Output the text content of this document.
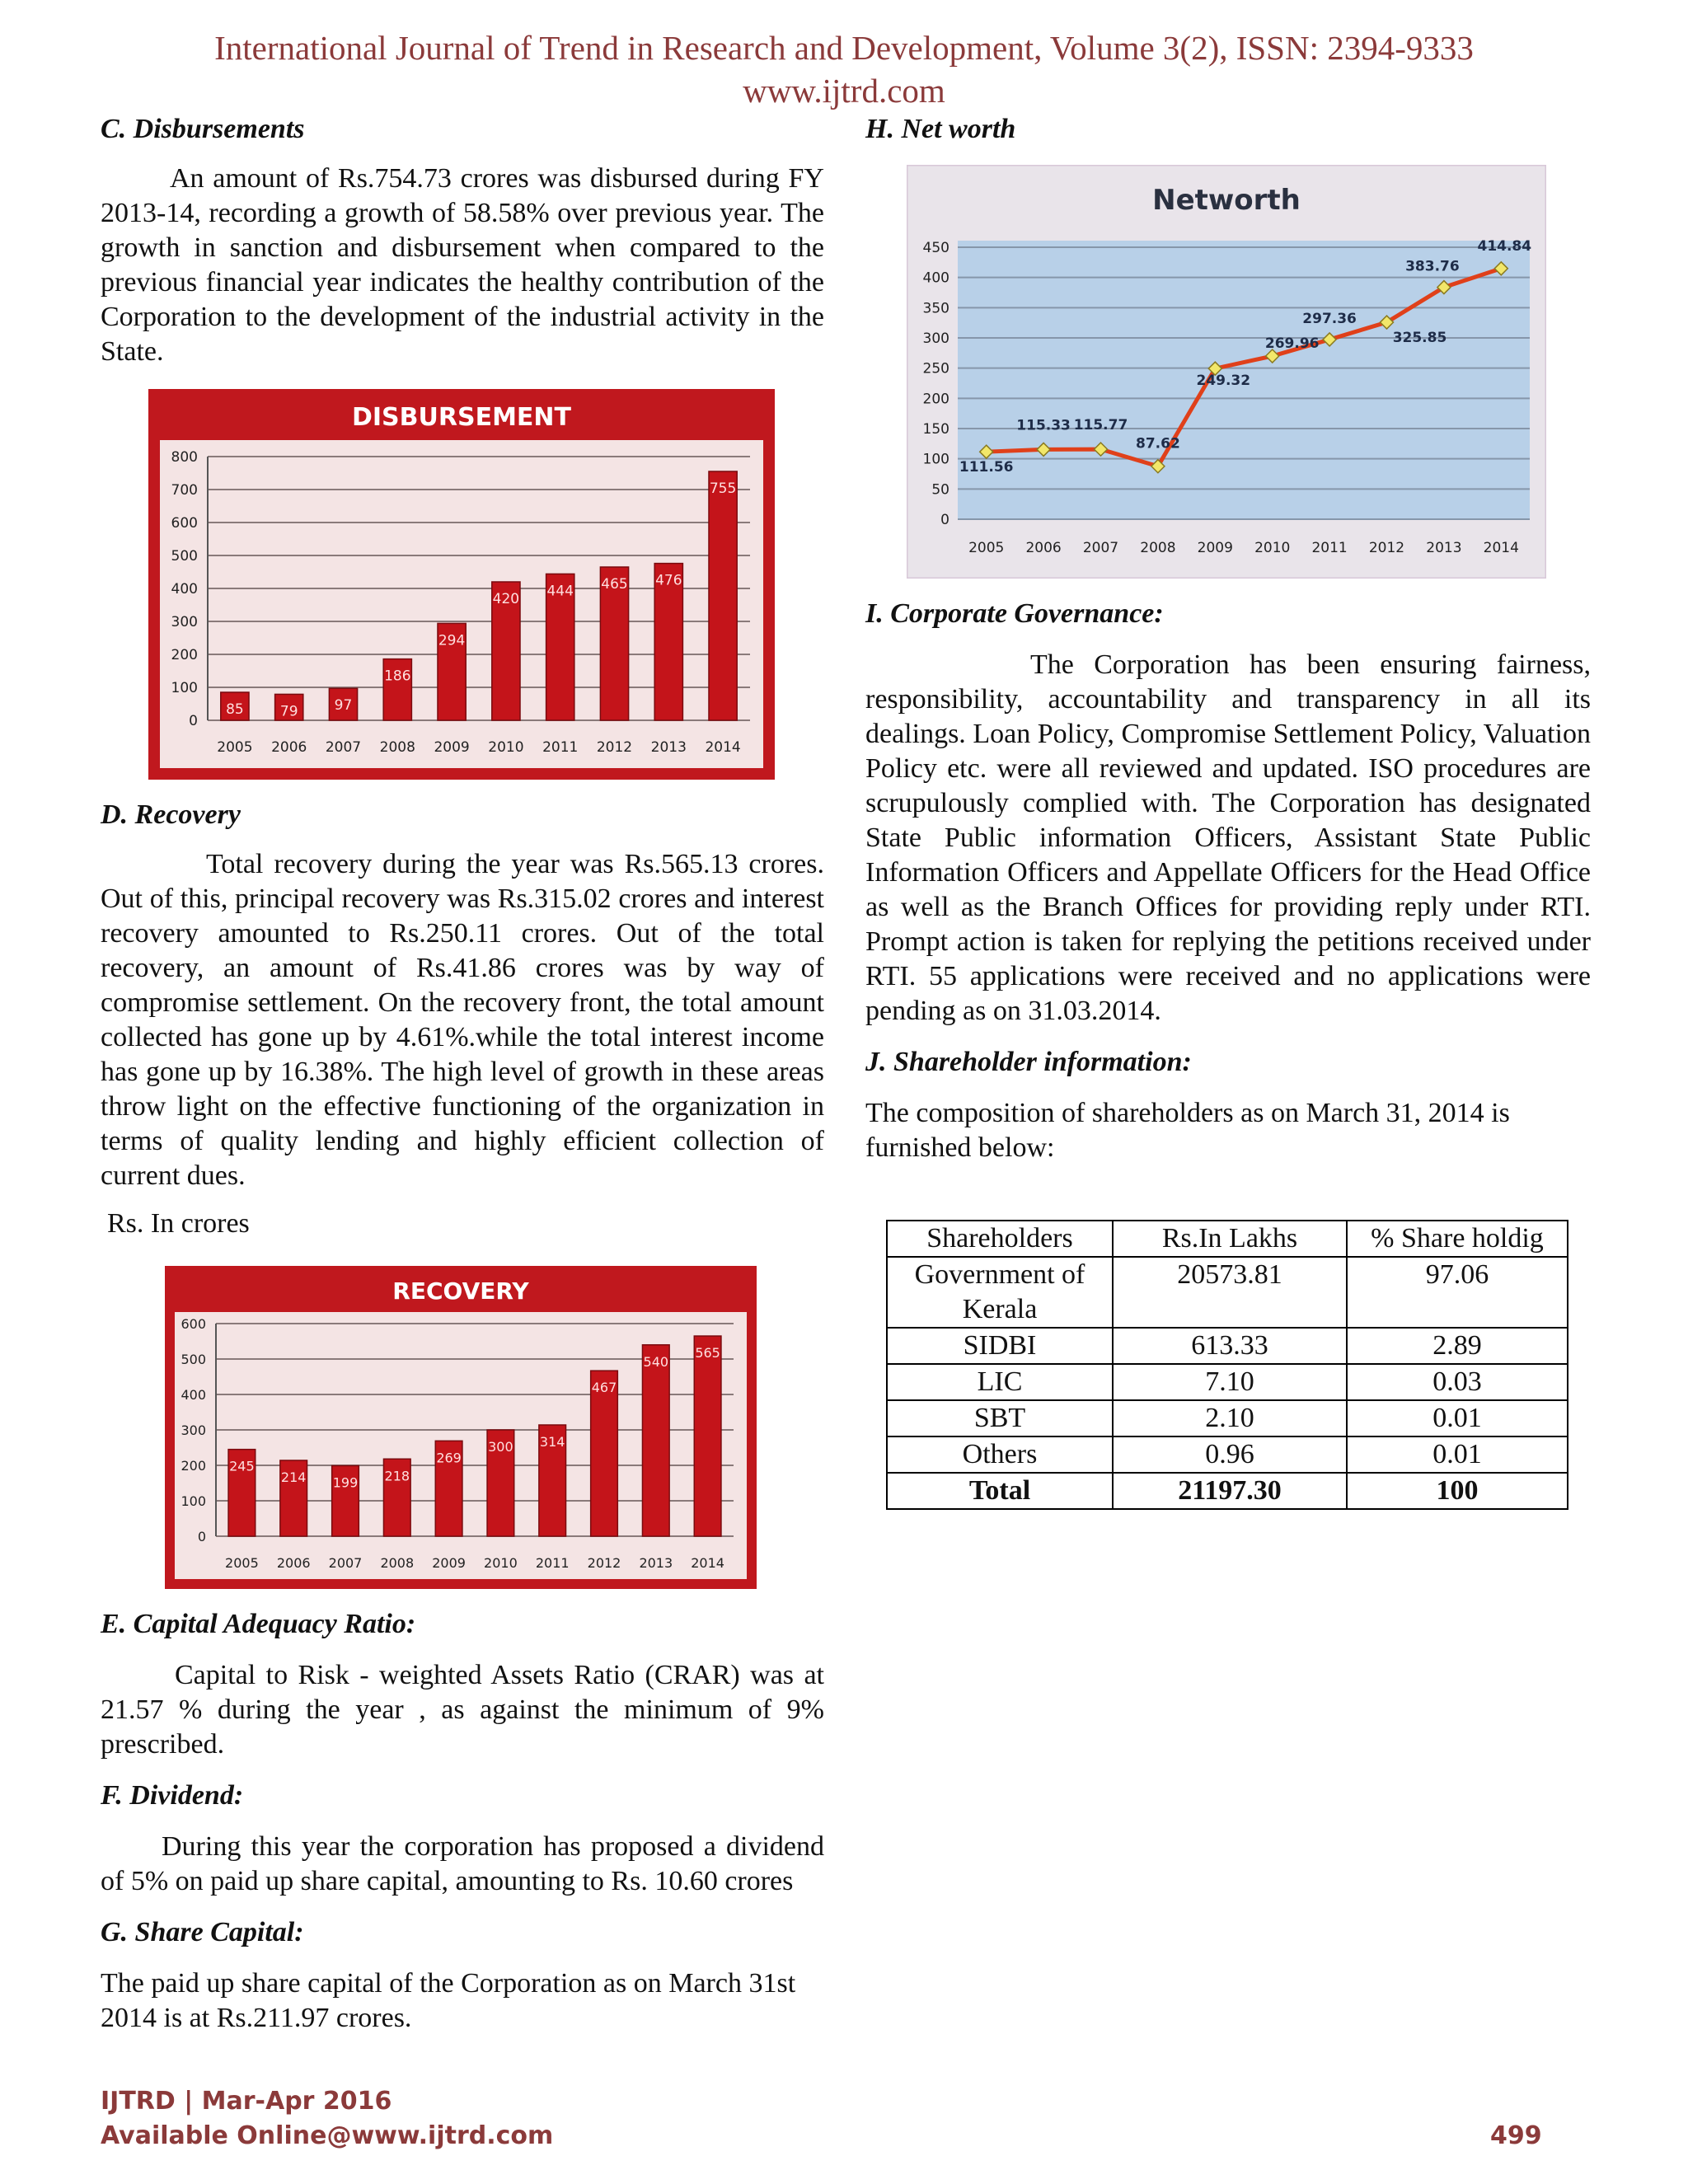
International Journal of Trend in Research and Development, Volume 3(2), ISSN: 2394-9333
www.ijtrd.com

C. Disbursements

An amount of Rs.754.73 crores was disbursed during FY 2013-14, recording a growth of 58.58% over previous year. The growth in sanction and disbursement when compared to the previous financial year indicates the healthy contribution of the Corporation to the development of the industrial activity in the State.

DISBURSEMENT
0
100
200
300
400
500
600
700
800
85
2005
79
2006
97
2007
186
2008
294
2009
420
2010
444
2011
465
2012
476
2013
755
2014

D. Recovery

Total recovery during the year was Rs.565.13 crores. Out of this, principal recovery was Rs.315.02 crores and interest recovery amounted to Rs.250.11 crores. Out of the total recovery, an amount of Rs.41.86 crores was by way of compromise settlement. On the recovery front, the total amount collected has gone up by 4.61%.while the total interest income has gone up by 16.38%. The high level of growth in these areas throw light on the effective functioning of the organization in terms of quality lending and highly efficient collection of current dues.

Rs. In crores

RECOVERY
0
100
200
300
400
500
600
245
2005
214
2006
199
2007
218
2008
269
2009
300
2010
314
2011
467
2012
540
2013
565
2014

E. Capital Adequacy Ratio:

Capital to Risk - weighted Assets Ratio (CRAR) was at 21.57 % during the year , as against the minimum of 9% prescribed.

F. Dividend:

During this year the corporation has proposed a dividend of 5% on paid up share capital, amounting to Rs. 10.60 crores

G. Share Capital:

The paid up share capital of the Corporation as on March 31st 2014 is at Rs.211.97 crores.

H. Net worth

Networth
0
50
100
150
200
250
300
350
400
450
111.56
2005
115.33
2006
115.77
2007
87.62
2008
249.32
2009
269.96
2010
297.36
2011
325.85
2012
383.76
2013
414.84
2014

I. Corporate Governance:

The Corporation has been ensuring fairness, responsibility, accountability and transparency in all its dealings. Loan Policy, Compromise Settlement Policy, Valuation Policy etc. were all reviewed and updated. ISO procedures are scrupulously complied with. The Corporation has designated State Public information Officers, Assistant State Public Information Officers and Appellate Officers for the Head Office as well as the Branch Offices for providing reply under RTI. Prompt action is taken for replying the petitions received under RTI. 55 applications were received and no applications were pending as on 31.03.2014.

J. Shareholder information:

The composition of shareholders as on March 31, 2014 is furnished below:

Shareholders	Rs.In Lakhs	% Share holdig
Government of Kerala	20573.81	97.06
SIDBI	613.33	2.89
LIC	7.10	0.03
SBT	2.10	0.01
Others	0.96	0.01
Total	21197.30	100
IJTRD | Mar-Apr 2016
Available Online@www.ijtrd.com	499
